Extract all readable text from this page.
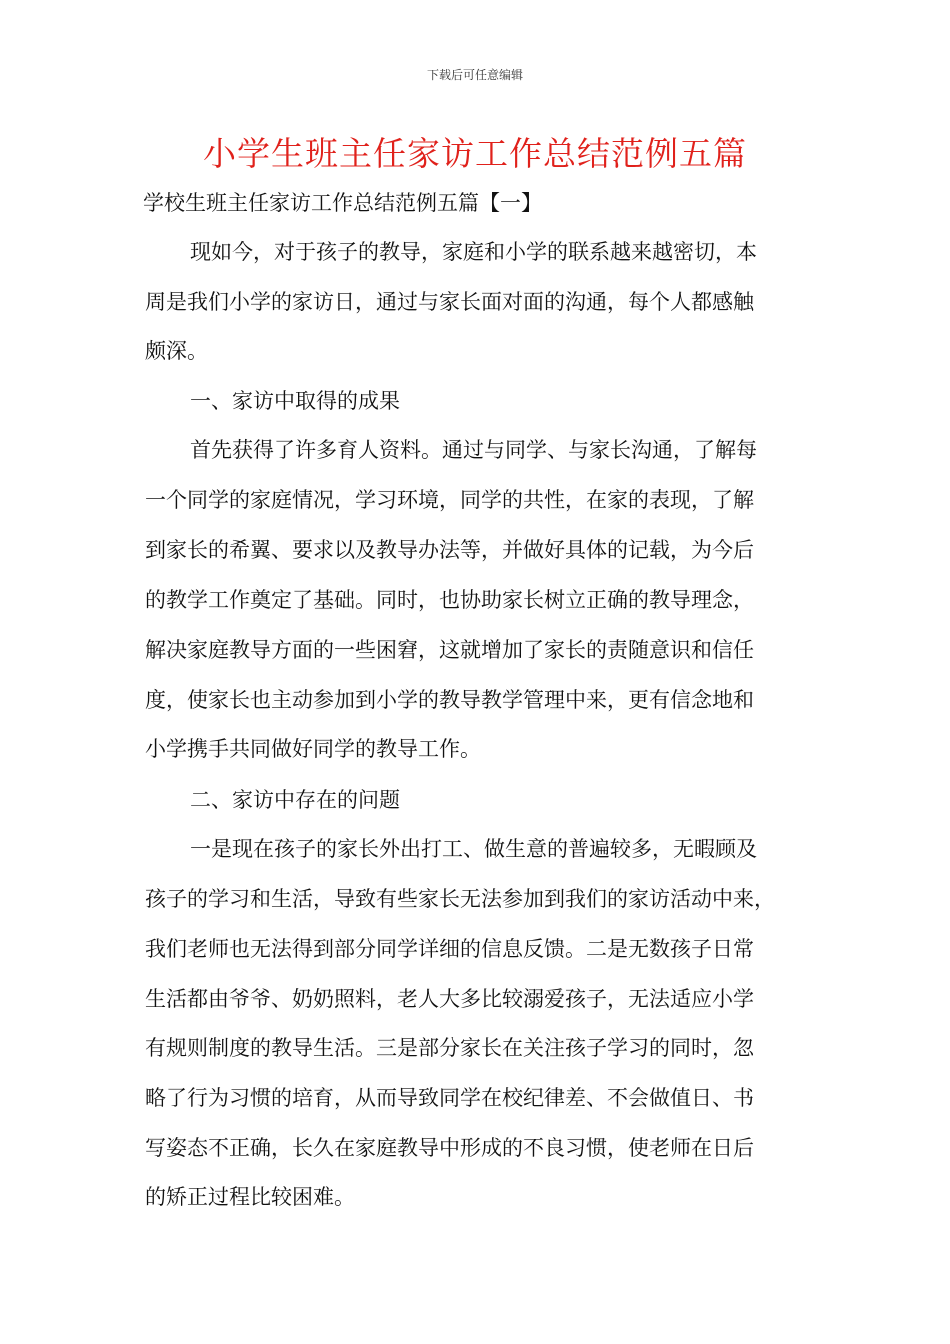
下载后可任意编辑
小学生班主任家访工作总结范例五篇
学校生班主任家访工作总结范例五篇【一】
现如今，对于孩子的教导，家庭和小学的联系越来越密切，本
周是我们小学的家访日，通过与家长面对面的沟通，每个人都感触
颇深。
一、家访中取得的成果
首先获得了许多育人资料。通过与同学、与家长沟通，了解每
一个同学的家庭情况，学习环境，同学的共性，在家的表现，了解
到家长的希翼、要求以及教导办法等，并做好具体的记载，为今后
的教学工作奠定了基础。同时，也协助家长树立正确的教导理念，
解决家庭教导方面的一些困窘，这就增加了家长的责随意识和信任
度，使家长也主动参加到小学的教导教学管理中来，更有信念地和
小学携手共同做好同学的教导工作。
二、家访中存在的问题
一是现在孩子的家长外出打工、做生意的普遍较多，无暇顾及
孩子的学习和生活，导致有些家长无法参加到我们的家访活动中来，
我们老师也无法得到部分同学详细的信息反馈。二是无数孩子日常
生活都由爷爷、奶奶照料，老人大多比较溺爱孩子，无法适应小学
有规则制度的教导生活。三是部分家长在关注孩子学习的同时，忽
略了行为习惯的培育，从而导致同学在校纪律差、不会做值日、书
写姿态不正确，长久在家庭教导中形成的不良习惯，使老师在日后
的矫正过程比较困难。
